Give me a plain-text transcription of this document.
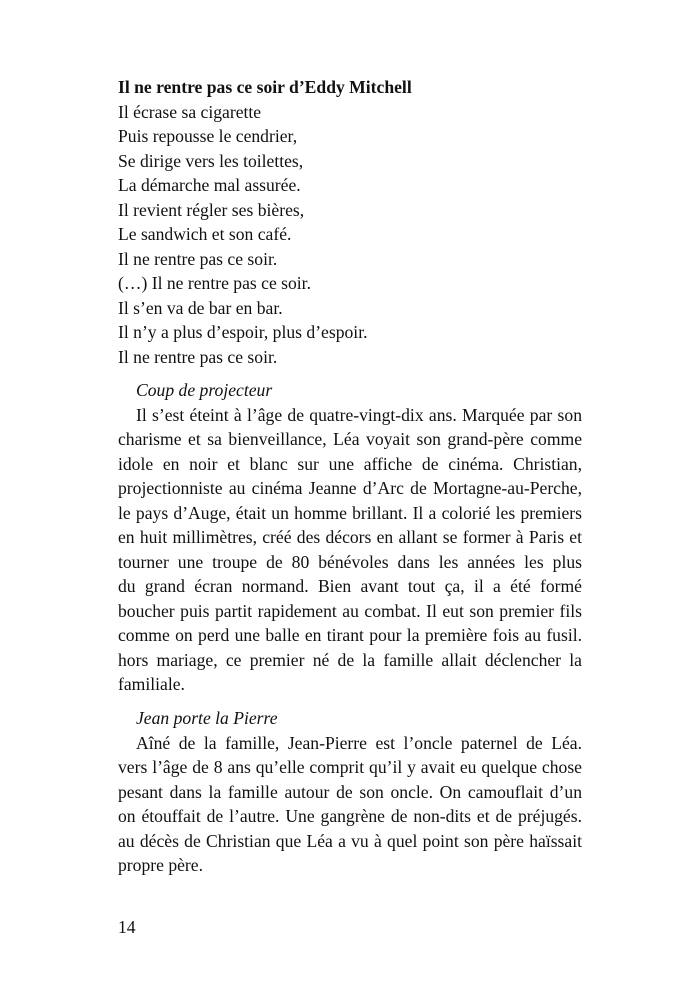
Il ne rentre pas ce soir d’Eddy Mitchell
Il écrase sa cigarette
Puis repousse le cendrier,
Se dirige vers les toilettes,
La démarche mal assurée.
Il revient régler ses bières,
Le sandwich et son café.
Il ne rentre pas ce soir.
(…) Il ne rentre pas ce soir.
Il s’en va de bar en bar.
Il n’y a plus d’espoir, plus d’espoir.
Il ne rentre pas ce soir.
Coup de projecteur
Il s’est éteint à l’âge de quatre-vingt-dix ans. Marquée par son
charisme et sa bienveillance, Léa voyait son grand-père comme
idole en noir et blanc sur une affiche de cinéma. Christian,
projectionniste au cinéma Jeanne d’Arc de Mortagne-au-Perche,
le pays d’Auge, était un homme brillant. Il a colorié les premiers
en huit millimètres, créé des décors en allant se former à Paris et
tourner une troupe de 80 bénévoles dans les années les plus
du grand écran normand. Bien avant tout ça, il a été formé
boucher puis partit rapidement au combat. Il eut son premier fils
comme on perd une balle en tirant pour la première fois au fusil.
hors mariage, ce premier né de la famille allait déclencher la
familiale.
Jean porte la Pierre
Aîné de la famille, Jean-Pierre est l’oncle paternel de Léa.
vers l’âge de 8 ans qu’elle comprit qu’il y avait eu quelque chose
pesant dans la famille autour de son oncle. On camouflait d’un
on étouffait de l’autre. Une gangrène de non-dits et de préjugés.
au décès de Christian que Léa a vu à quel point son père haïssait
propre père.
14
